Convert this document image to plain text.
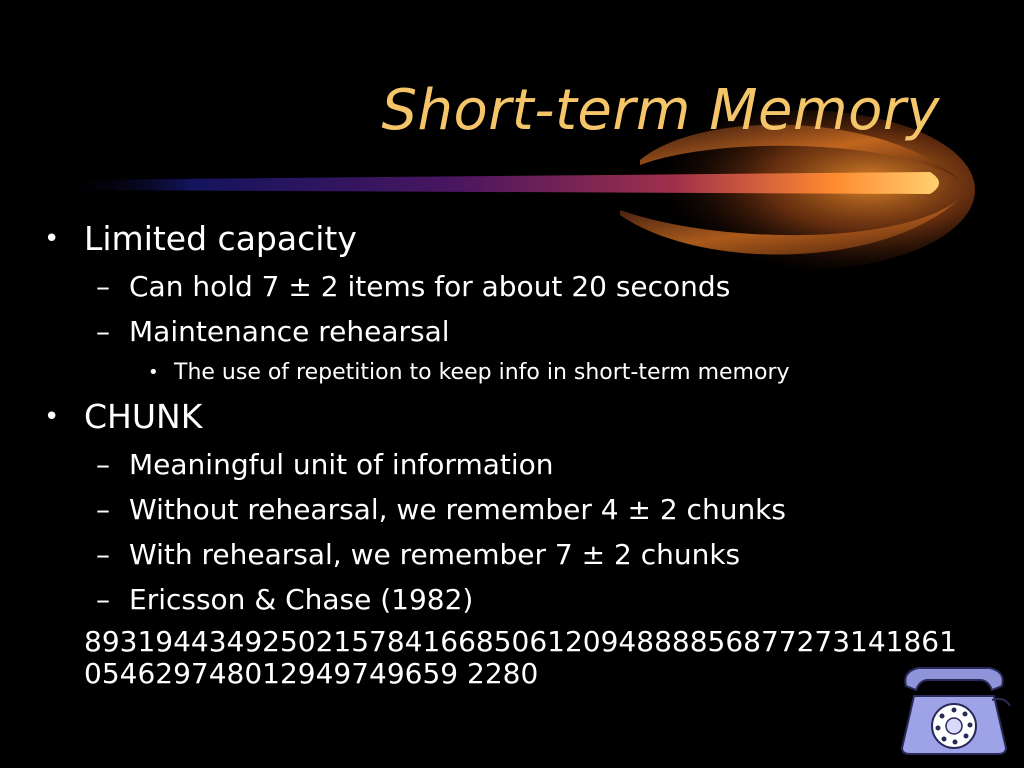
Short-term Memory
• Limited capacity
– Can hold 7 ± 2 items for about 20 seconds
– Maintenance rehearsal
• The use of repetition to keep info in short-term memory
• CHUNK
– Meaningful unit of information
– Without rehearsal, we remember 4 ± 2 chunks
– With rehearsal, we remember 7 ± 2 chunks
– Ericsson & Chase (1982)
8931944349250215784166850612094888856877273141861054629748012949749659 2280
